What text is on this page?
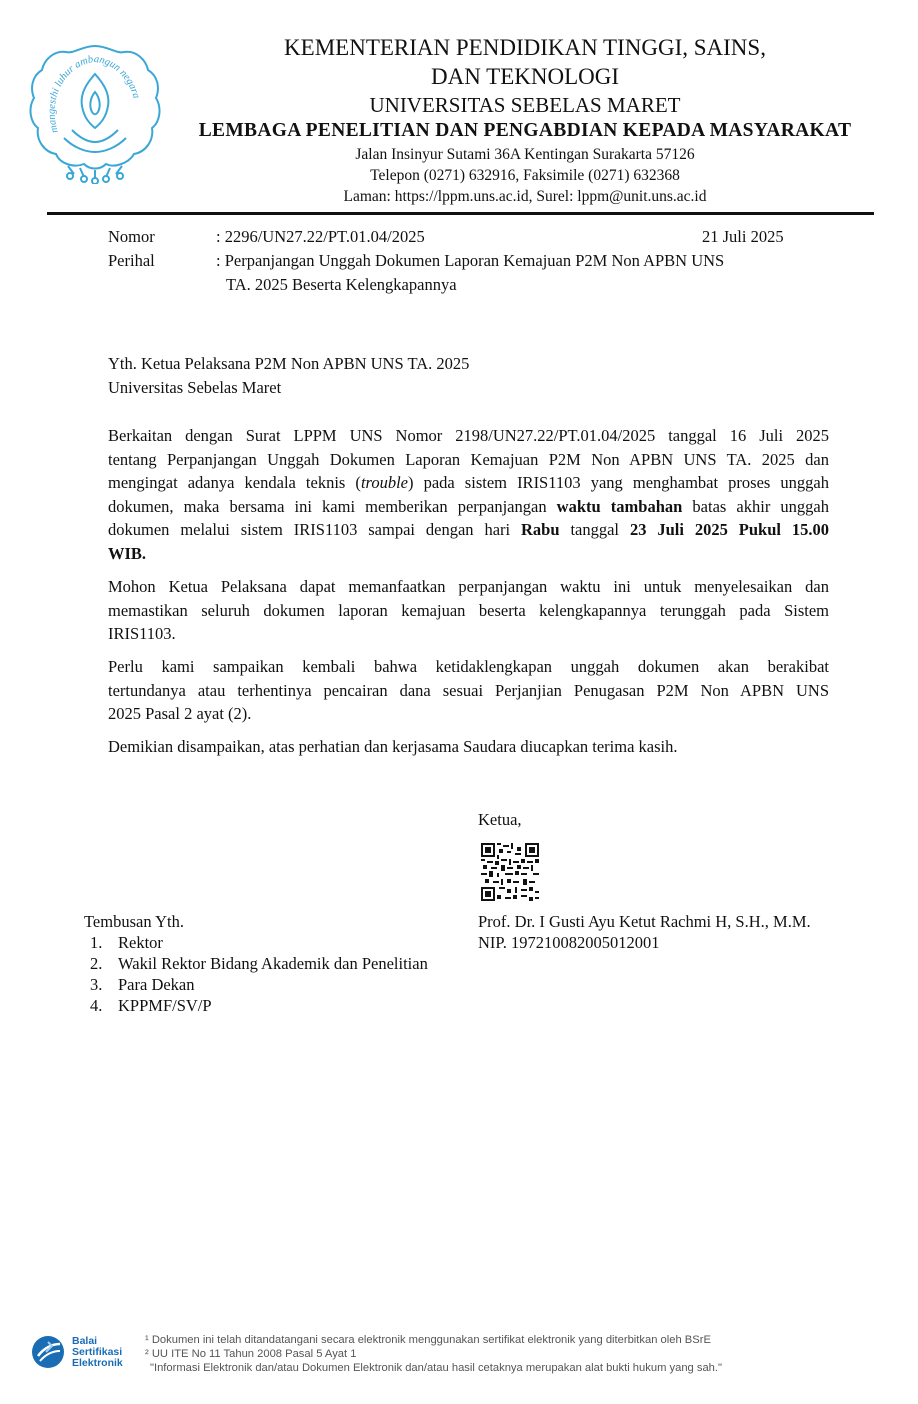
mangesthi luhur ambangun negara
KEMENTERIAN PENDIDIKAN TINGGI, SAINS,
DAN TEKNOLOGI
UNIVERSITAS SEBELAS MARET
LEMBAGA PENELITIAN DAN PENGABDIAN KEPADA MASYARAKAT
Jalan Insinyur Sutami 36A Kentingan Surakarta 57126
Telepon (0271) 632916, Faksimile (0271) 632368
Laman: https://lppm.uns.ac.id, Surel: lppm@unit.uns.ac.id
Nomor	: 2296/UN27.22/PT.01.04/2025	21 Juli 2025
Perihal	: Perpanjangan Unggah Dokumen Laporan Kemajuan P2M Non APBN UNS
TA. 2025 Beserta Kelengkapannya
Yth. Ketua Pelaksana P2M Non APBN UNS TA. 2025
Universitas Sebelas Maret
Berkaitan dengan Surat LPPM UNS Nomor 2198/UN27.22/PT.01.04/2025 tanggal 16 Juli 2025
tentang Perpanjangan Unggah Dokumen Laporan Kemajuan P2M Non APBN UNS TA. 2025 dan
mengingat adanya kendala teknis (trouble) pada sistem IRIS1103 yang menghambat proses unggah
dokumen, maka bersama ini kami memberikan perpanjangan waktu tambahan batas akhir unggah
dokumen melalui sistem IRIS1103 sampai dengan hari Rabu tanggal 23 Juli 2025 Pukul 15.00
WIB.
Mohon Ketua Pelaksana dapat memanfaatkan perpanjangan waktu ini untuk menyelesaikan dan
memastikan seluruh dokumen laporan kemajuan beserta kelengkapannya terunggah pada Sistem
IRIS1103.
Perlu kami sampaikan kembali bahwa ketidaklengkapan unggah dokumen akan berakibat
tertundanya atau terhentinya pencairan dana sesuai Perjanjian Penugasan P2M Non APBN UNS
2025 Pasal 2 ayat (2).
Demikian disampaikan, atas perhatian dan kerjasama Saudara diucapkan terima kasih.
Ketua,
Prof. Dr. I Gusti Ayu Ketut Rachmi H, S.H., M.M.
NIP. 197210082005012001
Tembusan Yth.
1. Rektor
2. Wakil Rektor Bidang Akademik dan Penelitian
3. Para Dekan
4. KPPMF/SV/P
Balai
Sertifikasi
Elektronik
¹ Dokumen ini telah ditandatangani secara elektronik menggunakan sertifikat elektronik yang diterbitkan oleh BSrE
² UU ITE No 11 Tahun 2008 Pasal 5 Ayat 1
"Informasi Elektronik dan/atau Dokumen Elektronik dan/atau hasil cetaknya merupakan alat bukti hukum yang sah."
